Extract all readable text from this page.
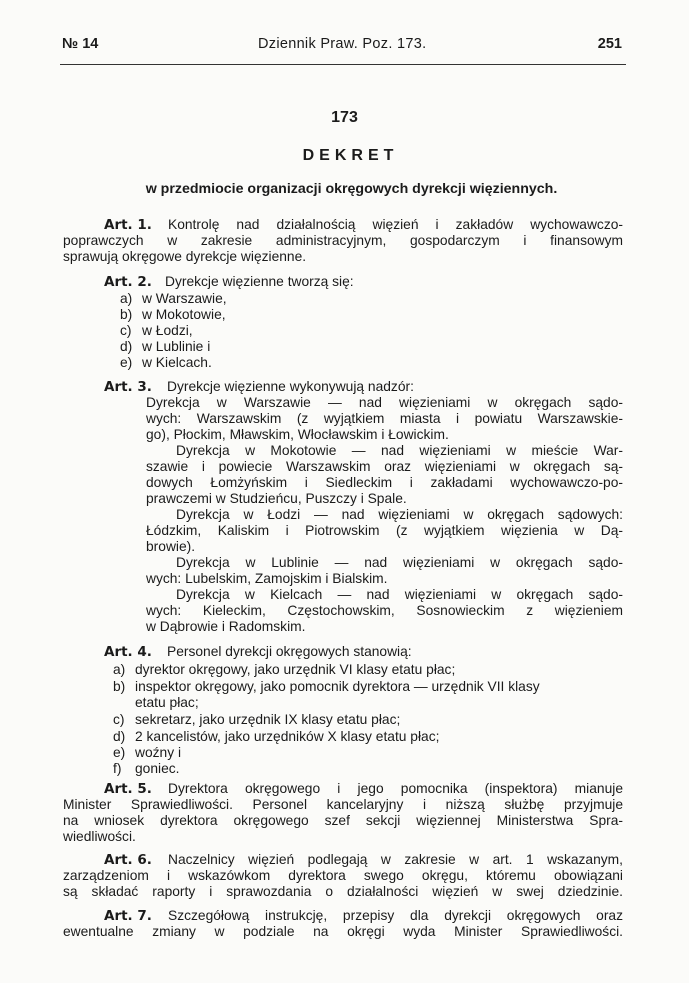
№ 14	Dziennik Praw. Poz. 173.	251
173
DEKRET
w przedmiocie organizacji okręgowych dyrekcji więziennych.
Art. 1. Kontrolę nad działalnością więzień i zakładów wychowawczo-
poprawczych w zakresie administracyjnym, gospodarczym i finansowym
sprawują okręgowe dyrekcje więzienne.
Art. 2. Dyrekcje więzienne tworzą się:
a) w Warszawie,
b) w Mokotowie,
c) w Łodzi,
d) w Lublinie i
e) w Kielcach.
Art. 3. Dyrekcje więzienne wykonywują nadzór:
Dyrekcja w Warszawie — nad więzieniami w okręgach sądo-
wych: Warszawskim (z wyjątkiem miasta i powiatu Warszawskie-
go), Płockim, Mławskim, Włocławskim i Łowickim.
Dyrekcja w Mokotowie — nad więzieniami w mieście War-
szawie i powiecie Warszawskim oraz więzieniami w okręgach są-
dowych Łomżyńskim i Siedleckim i zakładami wychowawczo-po-
prawczemi w Studzieńcu, Puszczy i Spale.
Dyrekcja w Łodzi — nad więzieniami w okręgach sądowych:
Łódzkim, Kaliskim i Piotrowskim (z wyjątkiem więzienia w Dą-
browie).
Dyrekcja w Lublinie — nad więzieniami w okręgach sądo-
wych: Lubelskim, Zamojskim i Bialskim.
Dyrekcja w Kielcach — nad więzieniami w okręgach sądo-
wych: Kieleckim, Częstochowskim, Sosnowieckim z więzieniem
w Dąbrowie i Radomskim.
Art. 4. Personel dyrekcji okręgowych stanowią:
a) dyrektor okręgowy, jako urzędnik VI klasy etatu płac;
b) inspektor okręgowy, jako pomocnik dyrektora — urzędnik VII klasy
etatu płac;
c) sekretarz, jako urzędnik IX klasy etatu płac;
d) 2 kancelistów, jako urzędników X klasy etatu płac;
e) woźny i
f) goniec.
Art. 5. Dyrektora okręgowego i jego pomocnika (inspektora) mianuje
Minister Sprawiedliwości. Personel kancelaryjny i niższą służbę przyjmuje
na wniosek dyrektora okręgowego szef sekcji więziennej Ministerstwa Spra-
wiedliwości.
Art. 6. Naczelnicy więzień podlegają w zakresie w art. 1 wskazanym,
zarządzeniom i wskazówkom dyrektora swego okręgu, któremu obowiązani
są składać raporty i sprawozdania o działalności więzień w swej dziedzinie.
Art. 7. Szczegółową instrukcję, przepisy dla dyrekcji okręgowych oraz
ewentualne zmiany w podziale na okręgi wyda Minister Sprawiedliwości.
